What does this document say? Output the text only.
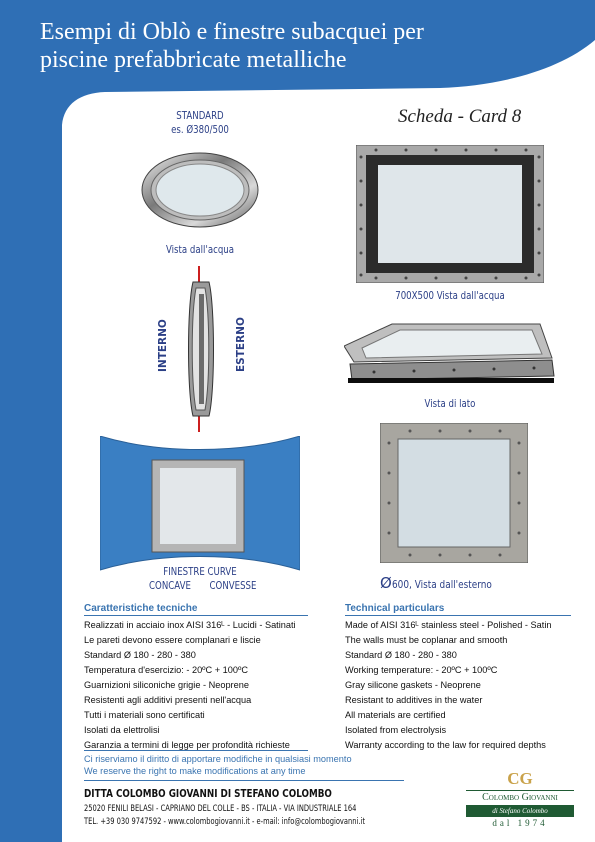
Esempi di Oblò e finestre subacquei per
piscine prefabbricate metalliche
Scheda - Card 8
STANDARD
es. Ø380/500
Vista dall'acqua
INTERNO	ESTERNO
700X500 Vista dall'acqua
Vista di lato
FINESTRE CURVE
CONCAVE	CONVESSE	Ø600, Vista dall'esterno
Caratteristiche tecniche
Realizzati in acciaio inox AISI 316ᴸ - Lucidi - Satinati
Le pareti devono essere complanari e liscie
Standard Ø 180 - 280 - 380
Temperatura d'esercizio: - 20ºC + 100ºC
Guarnizioni siliconiche grigie - Neoprene
Resistenti agli additivi presenti nell'acqua
Tutti i materiali sono certificati
Isolati da elettrolisi
Garanzia a termini di legge per profondità richieste
Technical particulars
Made of AISI 316ᴸ stainless steel - Polished - Satin
The walls must be coplanar and smooth
Standard Ø 180 - 280 - 380
Working temperature: - 20ºC + 100ºC
Gray silicone gaskets - Neoprene
Resistant to additives in the water
All materials are certified
Isolated from electrolysis
Warranty according to the law for required depths
Ci riserviamo il diritto di apportare modifiche in qualsiasi momento
We reserve the right to make modifications at any time
DITTA COLOMBO GIOVANNI DI STEFANO COLOMBO
25020 FENILI BELASI - CAPRIANO DEL COLLE - BS - ITALIA - VIA INDUSTRIALE 164
TEL. +39 030 9747592 - www.colombogiovanni.it - e-mail: info@colombogiovanni.it
CG
Colombo Giovanni
di Stefano Colombo
dal 1974
